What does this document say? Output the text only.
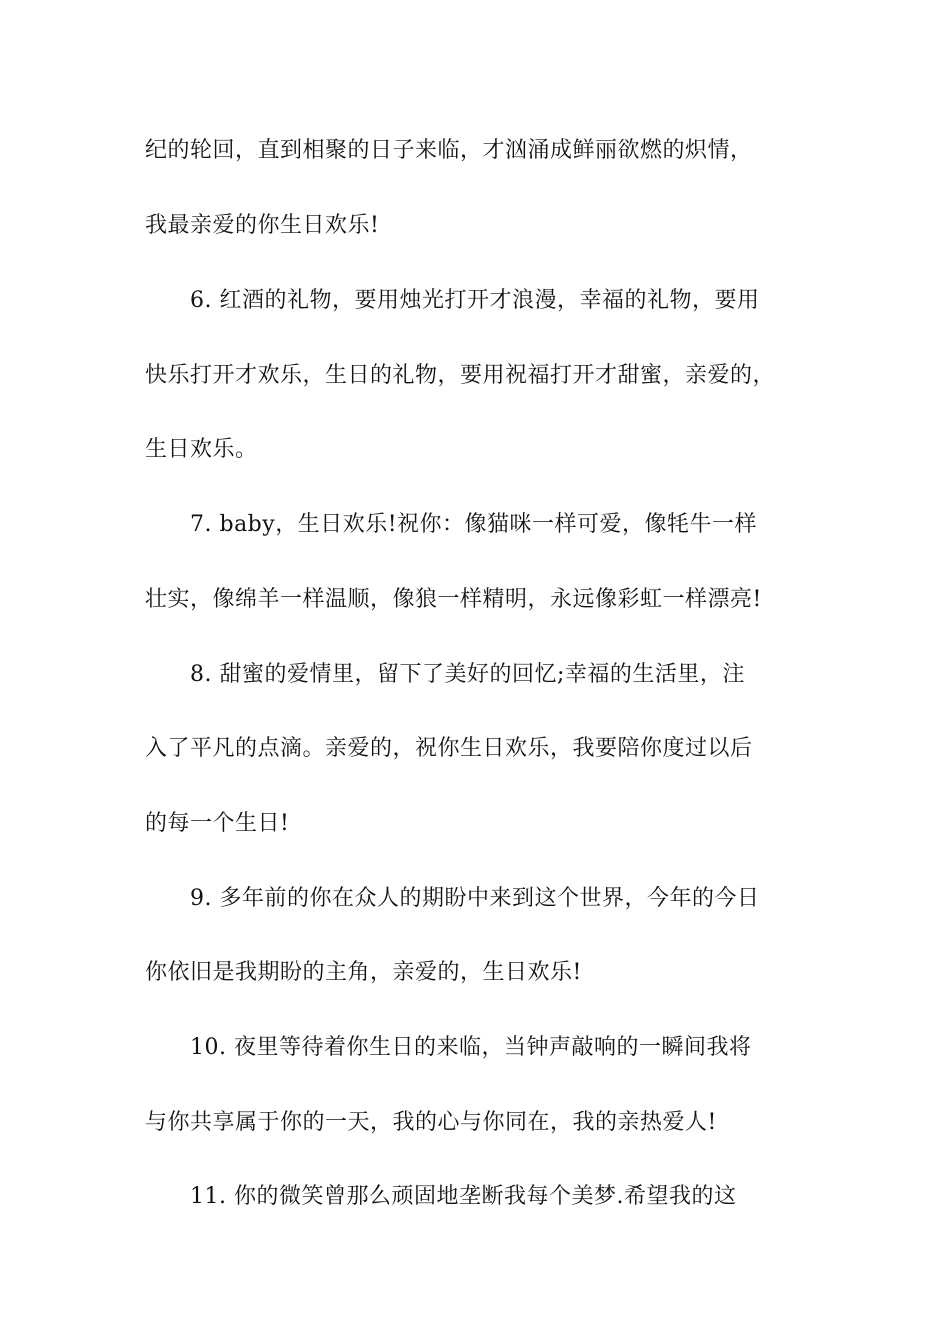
纪的轮回，直到相聚的日子来临，才汹涌成鲜丽欲燃的炽情，
我最亲爱的你生日欢乐!
6. 红酒的礼物，要用烛光打开才浪漫，幸福的礼物，要用
快乐打开才欢乐，生日的礼物，要用祝福打开才甜蜜，亲爱的，
生日欢乐。
7. baby，生日欢乐!祝你：像猫咪一样可爱，像牦牛一样
壮实，像绵羊一样温顺，像狼一样精明，永远像彩虹一样漂亮!
8. 甜蜜的爱情里，留下了美好的回忆;幸福的生活里，注
入了平凡的点滴。亲爱的，祝你生日欢乐，我要陪你度过以后
的每一个生日!
9. 多年前的你在众人的期盼中来到这个世界，今年的今日
你依旧是我期盼的主角，亲爱的，生日欢乐!
10. 夜里等待着你生日的来临，当钟声敲响的一瞬间我将
与你共享属于你的一天，我的心与你同在，我的亲热爱人!
11. 你的微笑曾那么顽固地垄断我每个美梦.希望我的这
